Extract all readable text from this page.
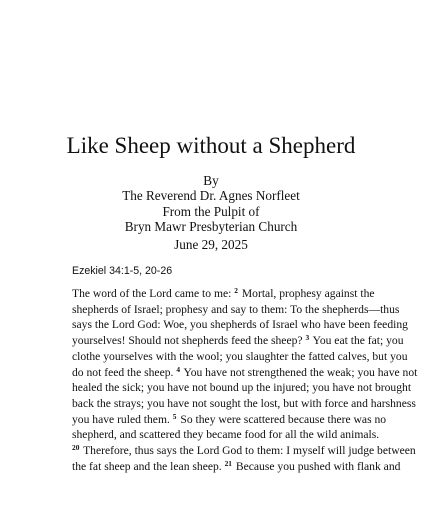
Like Sheep without a Shepherd
By
The Reverend Dr. Agnes Norfleet
From the Pulpit of
Bryn Mawr Presbyterian Church
June 29, 2025
Ezekiel 34:1-5, 20-26
The word of the Lord came to me: $^2$ Mortal, prophesy against the
shepherds of Israel; prophesy and say to them: To the shepherds—thus
says the Lord God: Woe, you shepherds of Israel who have been feeding
yourselves! Should not shepherds feed the sheep? $^3$ You eat the fat; you
clothe yourselves with the wool; you slaughter the fatted calves, but you
do not feed the sheep. $^4$ You have not strengthened the weak; you have not
healed the sick; you have not bound up the injured; you have not brought
back the strays; you have not sought the lost, but with force and harshness
you have ruled them. $^5$ So they were scattered because there was no
shepherd, and scattered they became food for all the wild animals.
$^{20}$ Therefore, thus says the Lord God to them: I myself will judge between
the fat sheep and the lean sheep. $^{21}$ Because you pushed with flank and
